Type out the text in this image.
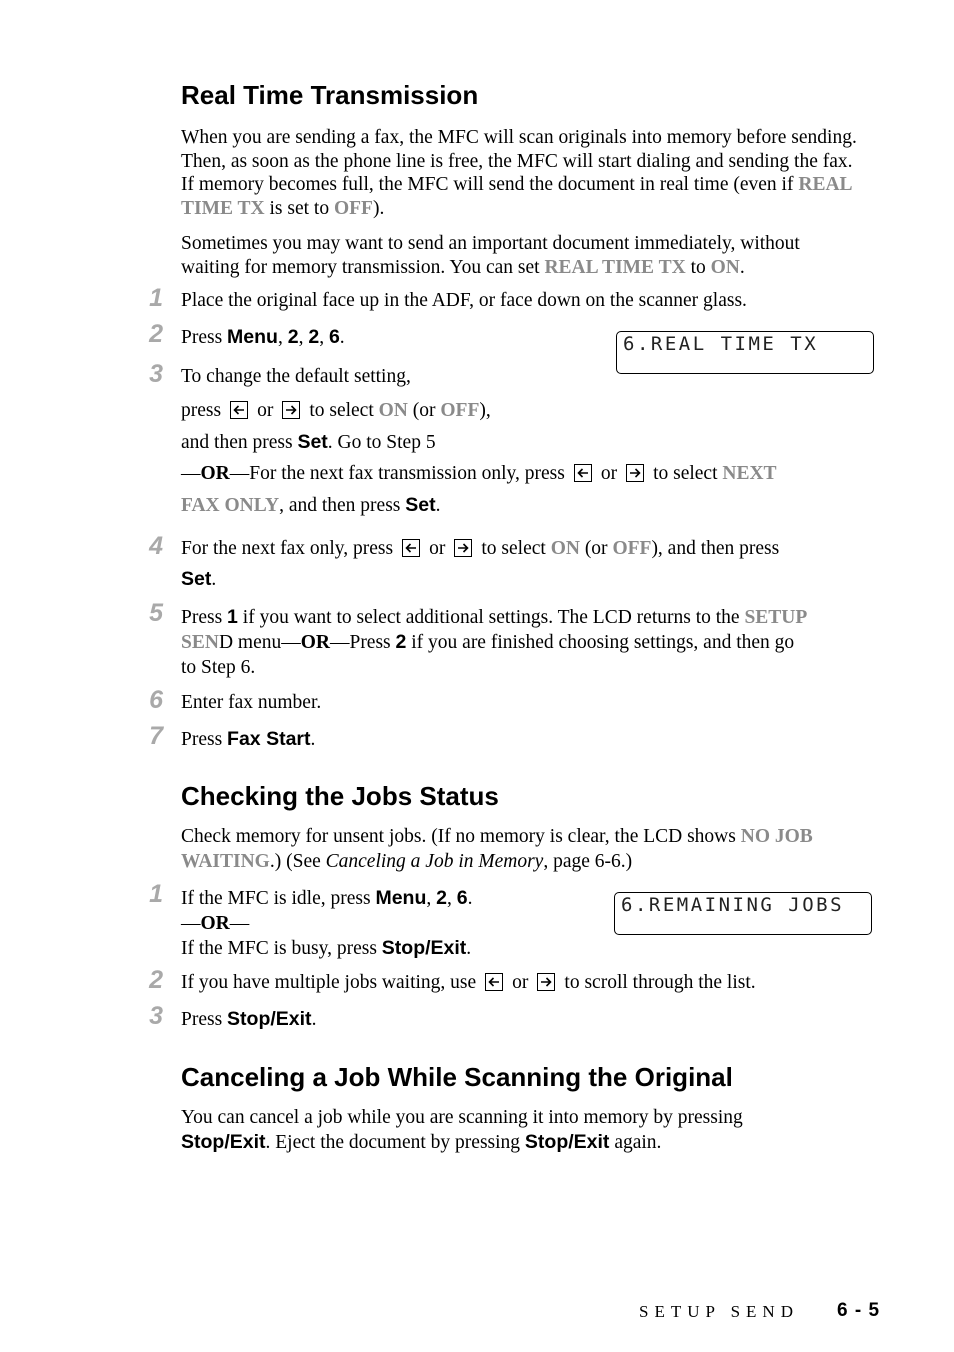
Real Time Transmission
When you are sending a fax, the MFC will scan originals into memory before sending.
Then, as soon as the phone line is free, the MFC will start dialing and sending the fax.
If memory becomes full, the MFC will send the document in real time (even if REAL
TIME TX is set to OFF).
Sometimes you may want to send an important document immediately, without
waiting for memory transmission. You can set REAL TIME TX to ON.
1 Place the original face up in the ADF, or face down on the scanner glass.
2 Press Menu, 2, 2, 6.	6.REAL TIME TX
3 To change the default setting,
press or to select ON (or OFF),
and then press Set. Go to Step 5
—OR—For the next fax transmission only, press or to select NEXT
FAX ONLY, and then press Set.
4 For the next fax only, press or to select ON (or OFF), and then press
Set.
5 Press 1 if you want to select additional settings. The LCD returns to the SETUP
SEND menu—OR—Press 2 if you are finished choosing settings, and then go
to Step 6.
6 Enter fax number.
7 Press Fax Start.
Checking the Jobs Status
Check memory for unsent jobs. (If no memory is clear, the LCD shows NO JOB
WAITING.) (See Canceling a Job in Memory, page 6-6.)
1 If the MFC is idle, press Menu, 2, 6.
—OR—
If the MFC is busy, press Stop/Exit.
6.REMAINING JOBS
2 If you have multiple jobs waiting, use or to scroll through the list.
3 Press Stop/Exit.
Canceling a Job While Scanning the Original
You can cancel a job while you are scanning it into memory by pressing
Stop/Exit. Eject the document by pressing Stop/Exit again.
SETUP SEND 6 - 5
